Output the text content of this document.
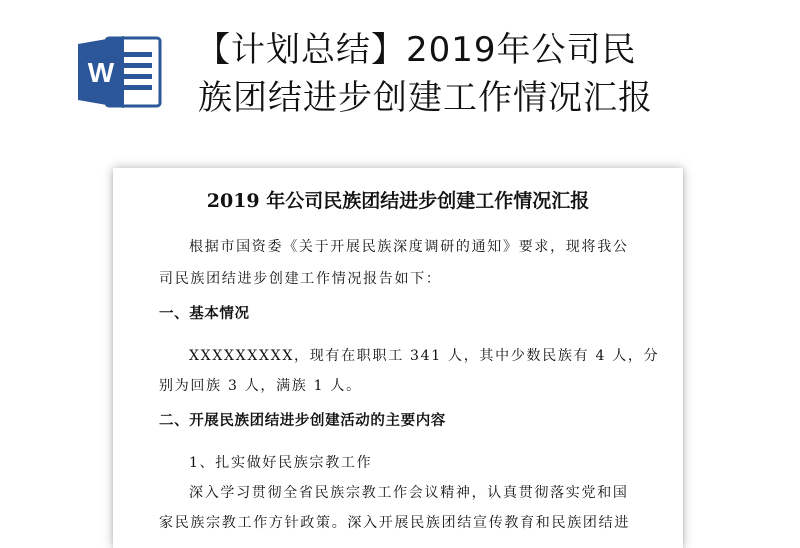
W
【计划总结】2019年公司民
族团结进步创建工作情况汇报
2019 年公司民族团结进步创建工作情况汇报
根据市国资委《关于开展民族深度调研的通知》要求，现将我公
司民族团结进步创建工作情况报告如下：
一、基本情况
XXXXXXXXX，现有在职职工 341 人，其中少数民族有 4 人，分
别为回族 3 人，满族 1 人。
二、开展民族团结进步创建活动的主要内容
1、扎实做好民族宗教工作
深入学习贯彻全省民族宗教工作会议精神，认真贯彻落实党和国
家民族宗教工作方针政策。深入开展民族团结宣传教育和民族团结进
